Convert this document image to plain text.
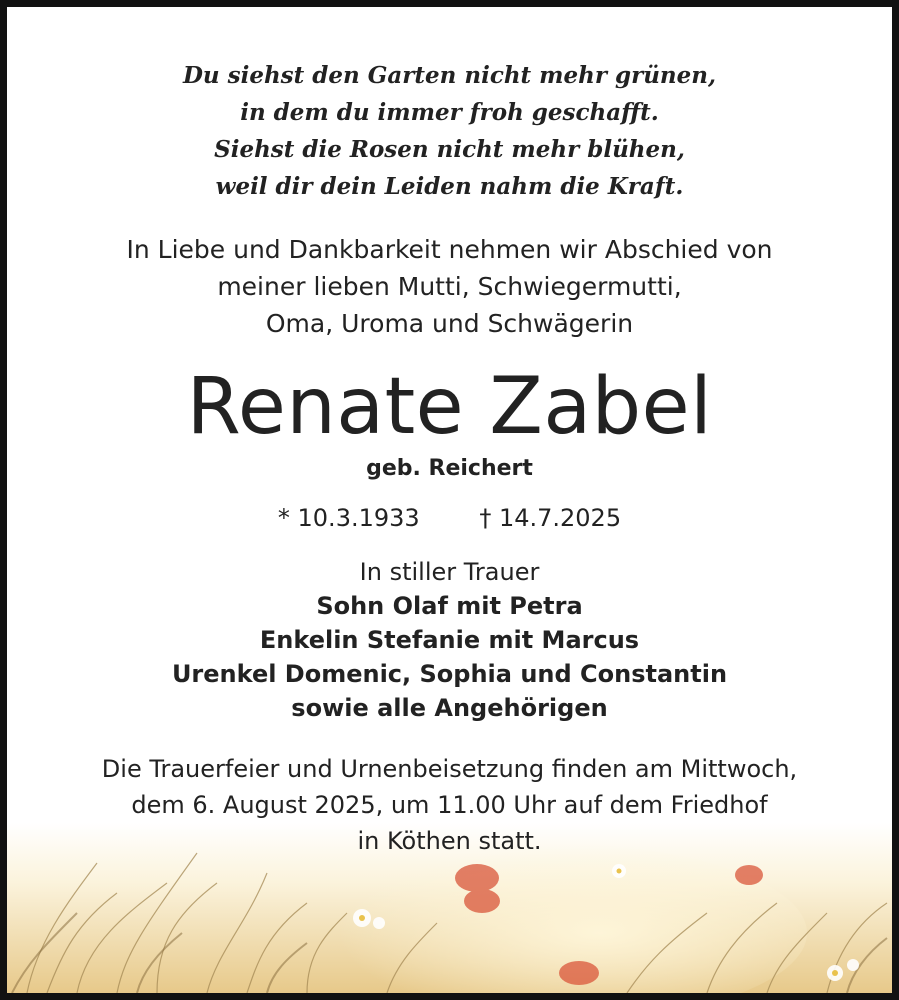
Du siehst den Garten nicht mehr grünen,
in dem du immer froh geschafft.
Siehst die Rosen nicht mehr blühen,
weil dir dein Leiden nahm die Kraft.
In Liebe und Dankbarkeit nehmen wir Abschied von
meiner lieben Mutti, Schwiegermutti,
Oma, Uroma und Schwägerin
Renate Zabel
geb. Reichert
* 10.3.1933 † 14.7.2025
In stiller Trauer
Sohn Olaf mit Petra
Enkelin Stefanie mit Marcus
Urenkel Domenic, Sophia und Constantin
sowie alle Angehörigen
Die Trauerfeier und Urnenbeisetzung finden am Mittwoch,
dem 6. August 2025, um 11.00 Uhr auf dem Friedhof
in Köthen statt.
